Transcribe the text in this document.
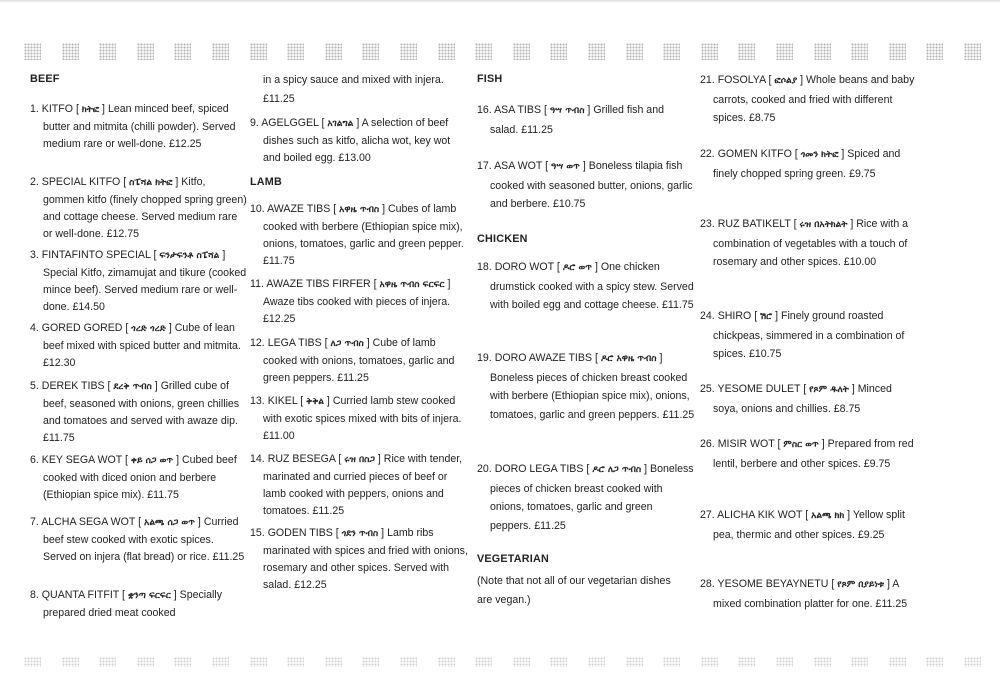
BEEF
1. KITFO [ ክትፎ ] Lean minced beef, spiced butter and mitmita (chilli powder). Served medium rare or well-done. £12.25
2. SPECIAL KITFO [ ስፔሻል ክትፎ ] Kitfo, gommen kitfo (finely chopped spring green) and cottage cheese. Served medium rare or well-done. £12.75
3. FINTAFINTO SPECIAL [ ፍንታፍንቶ ስፔሻል ] Special Kitfo, zimamujat and tikure (cooked mince beef). Served medium rare or well-done. £14.50
4. GORED GORED [ ጎረድ ጎረድ ] Cube of lean beef mixed with spiced butter and mitmita. £12.30
5. DEREK TIBS [ ደረቅ ጥብስ ] Grilled cube of beef, seasoned with onions, green chillies and tomatoes and served with awaze dip. £11.75
6. KEY SEGA WOT [ ቀይ ሰጋ ወጥ ] Cubed beef cooked with diced onion and berbere (Ethiopian spice mix). £11.75
7. ALCHA SEGA WOT [ አልጫ ሰጋ ወጥ ] Curried beef stew cooked with exotic spices. Served on injera (flat bread) or rice. £11.25
8. QUANTA FITFIT [ ቋንጣ ፍርፍር ] Specially prepared dried meat cooked
LAMB
in a spicy sauce and mixed with injera.
£11.25
9. AGELGGEL [ አገልግል ] A selection of beef dishes such as kitfo, alicha wot, key wot and boiled egg. £13.00
10. AWAZE TIBS [ አዋዜ ጥብስ ] Cubes of lamb cooked with berbere (Ethiopian spice mix), onions, tomatoes, garlic and green pepper. £11.75
11. AWAZE TIBS FIRFER [ አዋዜ ጥብስ ፍርፍር ] Awaze tibs cooked with pieces of injera. £12.25
12. LEGA TIBS [ ለጋ ጥብስ ] Cube of lamb cooked with onions, tomatoes, garlic and green peppers. £11.25
13. KIKEL [ ቅቅል ] Curried lamb stew cooked with exotic spices mixed with bits of injera. £11.00
14. RUZ BESEGA [ ሩዝ በስጋ ] Rice with tender, marinated and curried pieces of beef or lamb cooked with peppers, onions and tomatoes. £11.25
15. GODEN TIBS [ ጎደን ጥብስ ] Lamb ribs marinated with spices and fried with onions, rosemary and other spices. Served with salad. £12.25
FISH
CHICKEN
VEGETARIAN
(Note that not all of our vegetarian dishes are vegan.)
16. ASA TIBS [ ዓሣ ጥብስ ] Grilled fish and salad. £11.25
17. ASA WOT [ ዓሣ ወጥ ] Boneless tilapia fish cooked with seasoned butter, onions, garlic and berbere. £10.75
18. DORO WOT [ ዶሮ ወጥ ] One chicken drumstick cooked with a spicy stew. Served with boiled egg and cottage cheese. £11.75
19. DORO AWAZE TIBS [ ዶሮ አዋዜ ጥብስ ] Boneless pieces of chicken breast cooked with berbere (Ethiopian spice mix), onions, tomatoes, garlic and green peppers. £11.25
20. DORO LEGA TIBS [ ዶሮ ለጋ ጥብስ ] Boneless pieces of chicken breast cooked with onions, tomatoes, garlic and green peppers. £11.25
21. FOSOLYA [ ፎሶልያ ] Whole beans and baby carrots, cooked and fried with different spices. £8.75
22. GOMEN KITFO [ ጎመን ክትፎ ] Spiced and finely chopped spring green. £9.75
23. RUZ BATIKELT [ ሩዝ በአትክልት ] Rice with a combination of vegetables with a touch of rosemary and other spices. £10.00
24. SHIRO [ ሽሮ ] Finely ground roasted chickpeas, simmered in a combination of spices. £10.75
25. YESOME DULET [ የጾም ዱለት ] Minced soya, onions and chillies. £8.75
26. MISIR WOT [ ምስር ወጥ ] Prepared from red lentil, berbere and other spices. £9.75
27. ALICHA KIK WOT [ አልጫ ክክ ] Yellow split pea, thermic and other spices. £9.25
28. YESOME BEYAYNETU [ የጾም በያይነቱ ] A mixed combination platter for one. £11.25
